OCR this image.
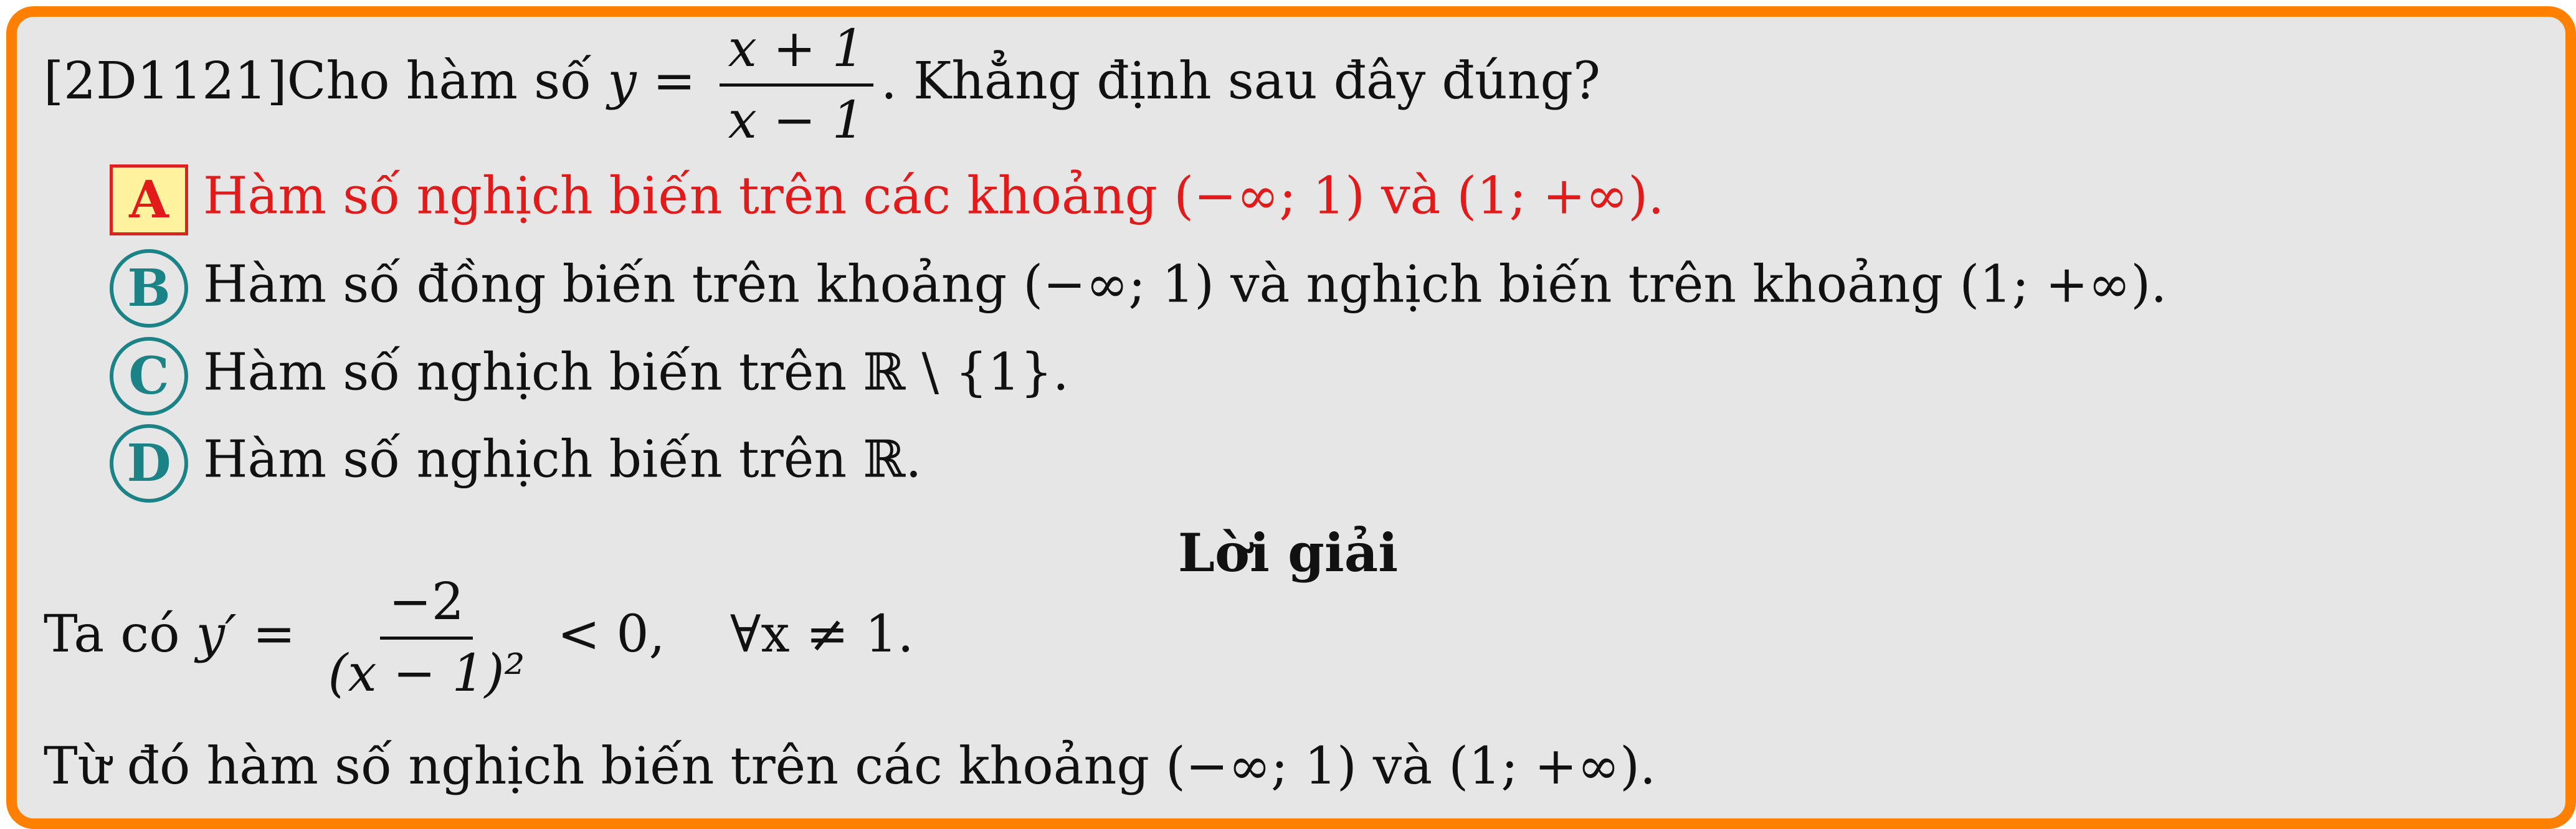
[2D1121]Cho hàm số $y = \frac{x + 1}{x - 1}$ . Khẳng định sau đây đúng?
A Hàm số nghịch biến trên các khoảng (−∞; 1) và (1; +∞).
B Hàm số đồng biến trên khoảng (−∞; 1) và nghịch biến trên khoảng (1; +∞).
C Hàm số nghịch biến trên ℝ \ {1}.
D Hàm số nghịch biến trên ℝ.
Lời giải
Ta có $y' = \frac{-2}{\text{(x − 1)²}} < 0$,    ∀x ≠ 1.
Từ đó hàm số nghịch biến trên các khoảng (−∞; 1) và (1; +∞).
